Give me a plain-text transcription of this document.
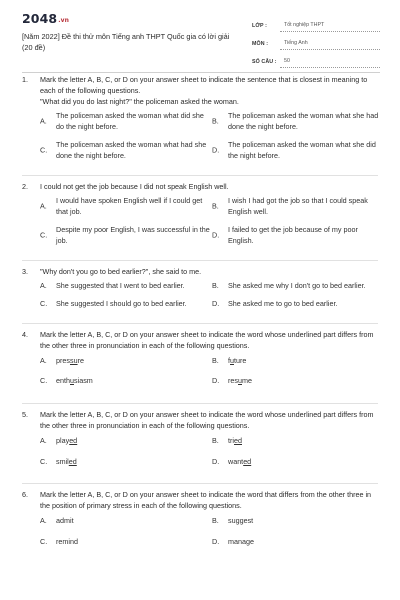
2048.vn
[Năm 2022] Đề thi thử môn Tiếng anh THPT Quốc gia có lời giải (20 đề)
LỚP :	Tốt nghiệp THPT
MÔN :	Tiếng Anh
SỐ CÂU :	50
1. Mark the letter A, B, C, or D on your answer sheet to indicate the sentence that is closest in meaning to each of the following questions.
"What did you do last night?" the policeman asked the woman.
A.
The policeman asked the woman what did she do the night before.
B.
The policeman asked the woman what she had done the night before.
C.
The policeman asked the woman what had she done the night before.
D.
The policeman asked the woman what she did the night before.
2. I could not get the job because I did not speak English well.
A.
I would have spoken English well if I could get that job.
B.
I wish I had got the job so that I could speak English well.
C.
Despite my poor English, I was successful in the job.
D.
I failed to get the job because of my poor English.
3. "Why don't you go to bed earlier?", she said to me.
A. She suggested that I went to bed earlier.	B. She asked me why I don't go to bed earlier.
C. She suggested I should go to bed earlier.	D. She asked me to go to bed earlier.
4. Mark the letter A, B, C, or D on your answer sheet to indicate the word whose underlined part differs from the other three in pronunciation in each of the following questions.
A. pressure	B. future
C. enthusiasm	D. resume
5. Mark the letter A, B, C, or D on your answer sheet to indicate the word whose underlined part differs from the other three in pronunciation in each of the following questions.
A. played	B. tried
C. smiled	D. wanted
6. Mark the letter A, B, C, or D on your answer sheet to indicate the word that differs from the other three in the position of primary stress in each of the following questions.
A. admit	B. suggest
C. remind	D. manage
